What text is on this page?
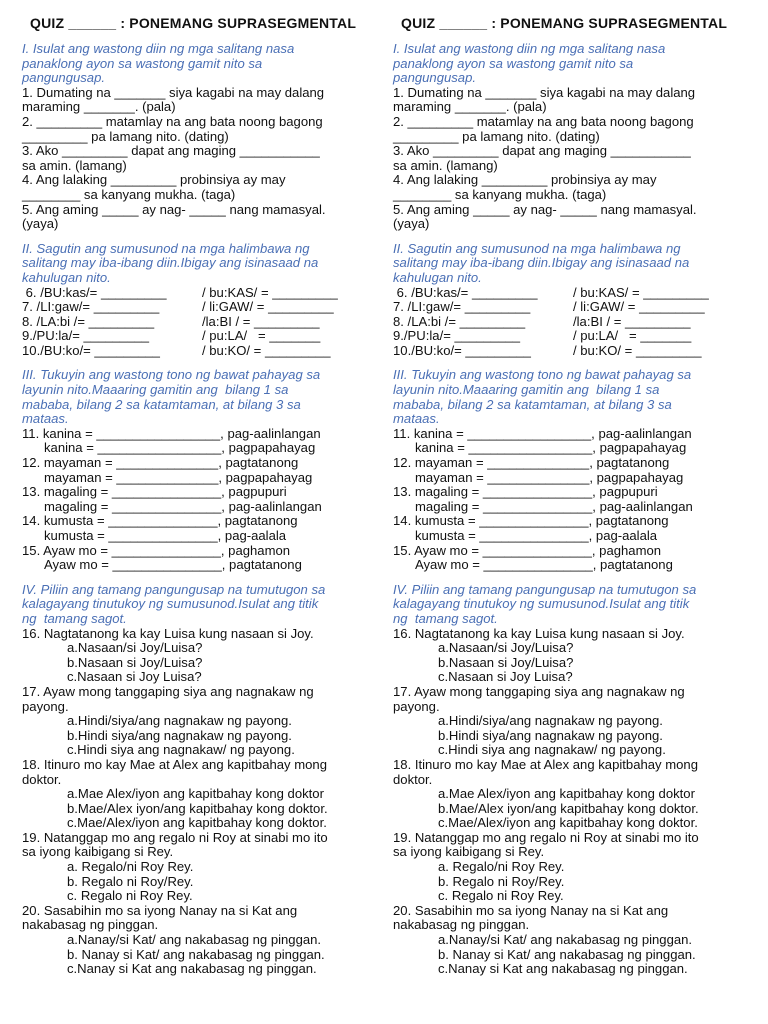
QUIZ ______ : PONEMANG SUPRASEGMENTAL
I. Isulat ang wastong diin ng mga salitang nasa
panaklong ayon sa wastong gamit nito sa
pangungusap.
1. Dumating na _______ siya kagabi na may dalang
maraming _______. (pala)
2. _________ matamlay na ang bata noong bagong
_________ pa lamang nito. (dating)
3. Ako _________ dapat ang maging ___________
sa amin. (lamang)
4. Ang lalaking _________ probinsiya ay may
________ sa kanyang mukha. (taga)
5. Ang aming _____ ay nag- _____ nang mamasyal.
(yaya)
II. Sagutin ang sumusunod na mga halimbawa ng
salitang may iba-ibang diin.Ibigay ang isinasaad na
kahulugan nito.
6. /BU:kas/= _________	/ bu:KAS/ = _________
7. /LI:gaw/= _________	/ li:GAW/ = _________
8. /LA:bi /= _________	/la:BI / = _________
9./PU:la/= _________	/ pu:LA/   = _______
10./BU:ko/= _________	/ bu:KO/ = _________
III. Tukuyin ang wastong tono ng bawat pahayag sa
layunin nito.Maaaring gamitin ang  bilang 1 sa
mababa, bilang 2 sa katamtaman, at bilang 3 sa
mataas.
11. kanina = _________________, pag-aalinlangan
kanina = _________________, pagpapahayag
12. mayaman = ______________, pagtatanong
mayaman = ______________, pagpapahayag
13. magaling = _______________, pagpupuri
magaling = _______________, pag-aalinlangan
14. kumusta = _______________, pagtatanong
kumusta = _______________, pag-aalala
15. Ayaw mo = _______________, paghamon
Ayaw mo = _______________, pagtatanong
IV. Piliin ang tamang pangungusap na tumutugon sa
kalagayang tinutukoy ng sumusunod.Isulat ang titik
ng  tamang sagot.
16. Nagtatanong ka kay Luisa kung nasaan si Joy.
a.Nasaan/si Joy/Luisa?
b.Nasaan si Joy/Luisa?
c.Nasaan si Joy Luisa?
17. Ayaw mong tanggaping siya ang nagnakaw ng
payong.
a.Hindi/siya/ang nagnakaw ng payong.
b.Hindi siya/ang nagnakaw ng payong.
c.Hindi siya ang nagnakaw/ ng payong.
18. Itinuro mo kay Mae at Alex ang kapitbahay mong
doktor.
a.Mae Alex/iyon ang kapitbahay kong doktor
b.Mae/Alex iyon/ang kapitbahay kong doktor.
c.Mae/Alex/iyon ang kapitbahay kong doktor.
19. Natanggap mo ang regalo ni Roy at sinabi mo ito
sa iyong kaibigang si Rey.
a. Regalo/ni Roy Rey.
b. Regalo ni Roy/Rey.
c. Regalo ni Roy Rey.
20. Sasabihin mo sa iyong Nanay na si Kat ang
nakabasag ng pinggan.
a.Nanay/si Kat/ ang nakabasag ng pinggan.
b. Nanay si Kat/ ang nakabasag ng pinggan.
c.Nanay si Kat ang nakabasag ng pinggan.
QUIZ ______ : PONEMANG SUPRASEGMENTAL
I. Isulat ang wastong diin ng mga salitang nasa
panaklong ayon sa wastong gamit nito sa
pangungusap.
1. Dumating na _______ siya kagabi na may dalang
maraming _______. (pala)
2. _________ matamlay na ang bata noong bagong
_________ pa lamang nito. (dating)
3. Ako _________ dapat ang maging ___________
sa amin. (lamang)
4. Ang lalaking _________ probinsiya ay may
________ sa kanyang mukha. (taga)
5. Ang aming _____ ay nag- _____ nang mamasyal.
(yaya)
II. Sagutin ang sumusunod na mga halimbawa ng
salitang may iba-ibang diin.Ibigay ang isinasaad na
kahulugan nito.
6. /BU:kas/= _________	/ bu:KAS/ = _________
7. /LI:gaw/= _________	/ li:GAW/ = _________
8. /LA:bi /= _________	/la:BI / = _________
9./PU:la/= _________	/ pu:LA/   = _______
10./BU:ko/= _________	/ bu:KO/ = _________
III. Tukuyin ang wastong tono ng bawat pahayag sa
layunin nito.Maaaring gamitin ang  bilang 1 sa
mababa, bilang 2 sa katamtaman, at bilang 3 sa
mataas.
11. kanina = _________________, pag-aalinlangan
kanina = _________________, pagpapahayag
12. mayaman = ______________, pagtatanong
mayaman = ______________, pagpapahayag
13. magaling = _______________, pagpupuri
magaling = _______________, pag-aalinlangan
14. kumusta = _______________, pagtatanong
kumusta = _______________, pag-aalala
15. Ayaw mo = _______________, paghamon
Ayaw mo = _______________, pagtatanong
IV. Piliin ang tamang pangungusap na tumutugon sa
kalagayang tinutukoy ng sumusunod.Isulat ang titik
ng  tamang sagot.
16. Nagtatanong ka kay Luisa kung nasaan si Joy.
a.Nasaan/si Joy/Luisa?
b.Nasaan si Joy/Luisa?
c.Nasaan si Joy Luisa?
17. Ayaw mong tanggaping siya ang nagnakaw ng
payong.
a.Hindi/siya/ang nagnakaw ng payong.
b.Hindi siya/ang nagnakaw ng payong.
c.Hindi siya ang nagnakaw/ ng payong.
18. Itinuro mo kay Mae at Alex ang kapitbahay mong
doktor.
a.Mae Alex/iyon ang kapitbahay kong doktor
b.Mae/Alex iyon/ang kapitbahay kong doktor.
c.Mae/Alex/iyon ang kapitbahay kong doktor.
19. Natanggap mo ang regalo ni Roy at sinabi mo ito
sa iyong kaibigang si Rey.
a. Regalo/ni Roy Rey.
b. Regalo ni Roy/Rey.
c. Regalo ni Roy Rey.
20. Sasabihin mo sa iyong Nanay na si Kat ang
nakabasag ng pinggan.
a.Nanay/si Kat/ ang nakabasag ng pinggan.
b. Nanay si Kat/ ang nakabasag ng pinggan.
c.Nanay si Kat ang nakabasag ng pinggan.
